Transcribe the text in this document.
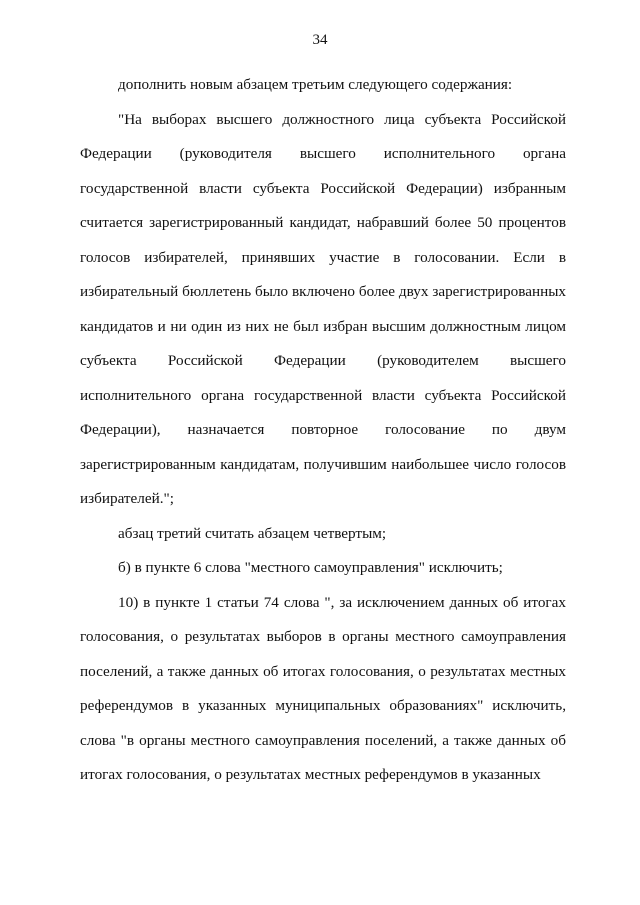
34

дополнить новым абзацем третьим следующего содержания:

"На выборах высшего должностного лица субъекта Российской Федерации (руководителя высшего исполнительного органа государственной власти субъекта Российской Федерации) избранным считается зарегистрированный кандидат, набравший более 50 процентов голосов избирателей, принявших участие в голосовании. Если в избирательный бюллетень было включено более двух зарегистрированных кандидатов и ни один из них не был избран высшим должностным лицом субъекта Российской Федерации (руководителем высшего исполнительного органа государственной власти субъекта Российской Федерации), назначается повторное голосование по двум зарегистрированным кандидатам, получившим наибольшее число голосов избирателей.";

абзац третий считать абзацем четвертым;

б) в пункте 6 слова "местного самоуправления" исключить;

10) в пункте 1 статьи 74 слова ", за исключением данных об итогах голосования, о результатах выборов в органы местного самоуправления поселений, а также данных об итогах голосования, о результатах местных референдумов в указанных муниципальных образованиях" исключить, слова "в органы местного самоуправления поселений, а также данных об итогах голосования, о результатах местных референдумов в указанных
